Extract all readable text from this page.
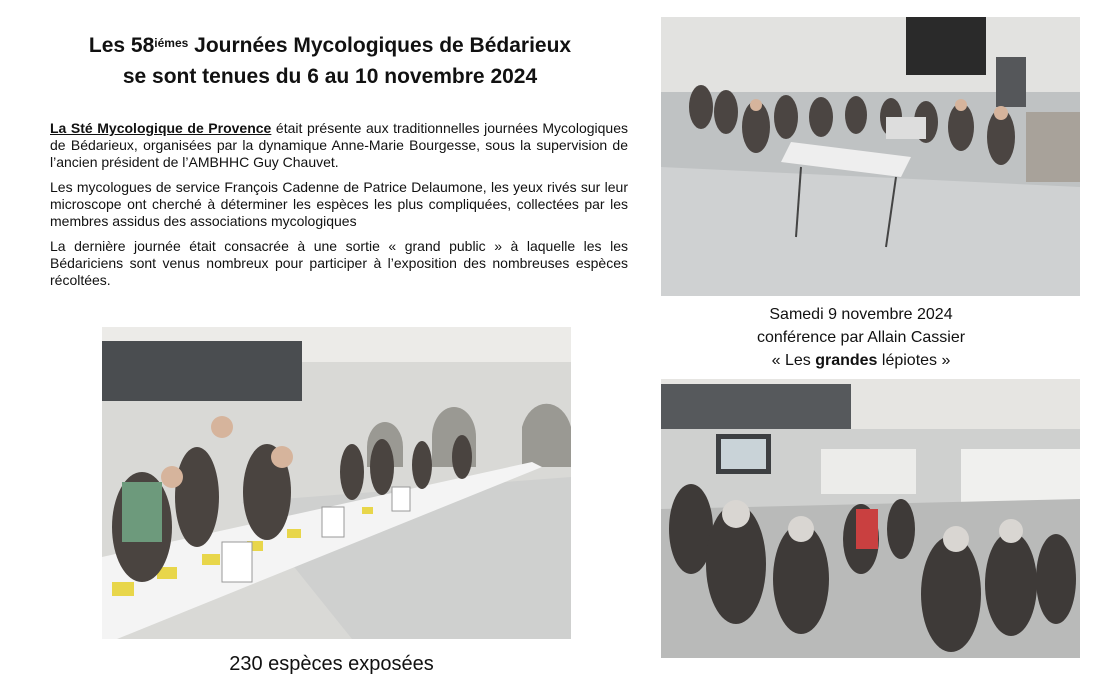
Les $58^{iémes}$ Journées Mycologiques de Bédarieux
se sont tenues du 6 au 10 novembre 2024

La Sté Mycologique de Provence était présente aux traditionnelles journées Mycologiques de Bédarieux, organisées par la dynamique Anne-Marie Bourgesse, sous la supervision de l’ancien président de l’AMBHHC Guy Chauvet.

Les mycologues de service François Cadenne de Patrice Delaumone, les yeux rivés sur leur microscope ont cherché à déterminer les espèces les plus compliquées, collectées par les membres assidus des associations mycologiques

La dernière journée était consacrée à une sortie « grand public » à laquelle les les Bédariciens sont venus nombreux pour participer à l’exposition des nombreuses espèces récoltées.

Samedi 9 novembre 2024
conférence par Allain Cassier
« Les grandes lépiotes »
230 espèces exposées
